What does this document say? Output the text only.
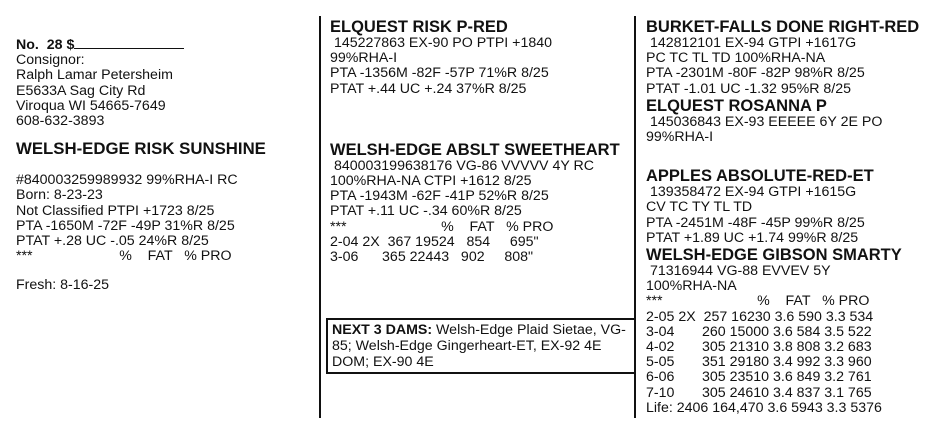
No.  28 $
Consignor:
Ralph Lamar Petersheim
E5633A Sag City Rd
Viroqua WI 54665-7649
608-632-3893
WELSH-EDGE RISK SUNSHINE
#840003259989932 99%RHA-I RC
Born: 8-23-23
Not Classified PTPI +1723 8/25
PTA -1650M -72F -49P 31%R 8/25
PTAT +.28 UC -.05 24%R 8/25
***                      %    FAT   % PRO
Fresh: 8-16-25
ELQUEST RISK P-RED
145227863 EX-90 PO PTPI +1840
99%RHA-I
PTA -1356M -82F -57P 71%R 8/25
PTAT +.44 UC +.24 37%R 8/25
WELSH-EDGE ABSLT SWEETHEART
840003199638176 VG-86 VVVVV 4Y RC
100%RHA-NA CTPI +1612 8/25
PTA -1943M -62F -41P 52%R 8/25
PTAT +.11 UC -.34 60%R 8/25
***                        %    FAT   % PRO
2-04 2X  367 19524   854     695"
3-06      365 22443   902     808"
NEXT 3 DAMS: Welsh-Edge Plaid Sietae, VG-85; Welsh-Edge Gingerheart-ET, EX-92 4E DOM; EX-90 4E
BURKET-FALLS DONE RIGHT-RED
142812101 EX-94 GTPI +1617G
PC TC TL TD 100%RHA-NA
PTA -2301M -80F -82P 98%R 8/25
PTAT -1.01 UC -1.32 95%R 8/25
ELQUEST ROSANNA P
145036843 EX-93 EEEEE 6Y 2E PO
99%RHA-I
APPLES ABSOLUTE-RED-ET
139358472 EX-94 GTPI +1615G
CV TC TY TL TD
PTA -2451M -48F -45P 99%R 8/25
PTAT +1.89 UC +1.74 99%R 8/25
WELSH-EDGE GIBSON SMARTY
71316944 VG-88 EVVEV 5Y
100%RHA-NA
***                        %    FAT   % PRO
2-05 2X  257 16230 3.6 590 3.3 534
3-04       260 15000 3.6 584 3.5 522
4-02       305 21310 3.8 808 3.2 683
5-05       351 29180 3.4 992 3.3 960
6-06       305 23510 3.6 849 3.2 761
7-10       305 24610 3.4 837 3.1 765
Life: 2406 164,470 3.6 5943 3.3 5376
